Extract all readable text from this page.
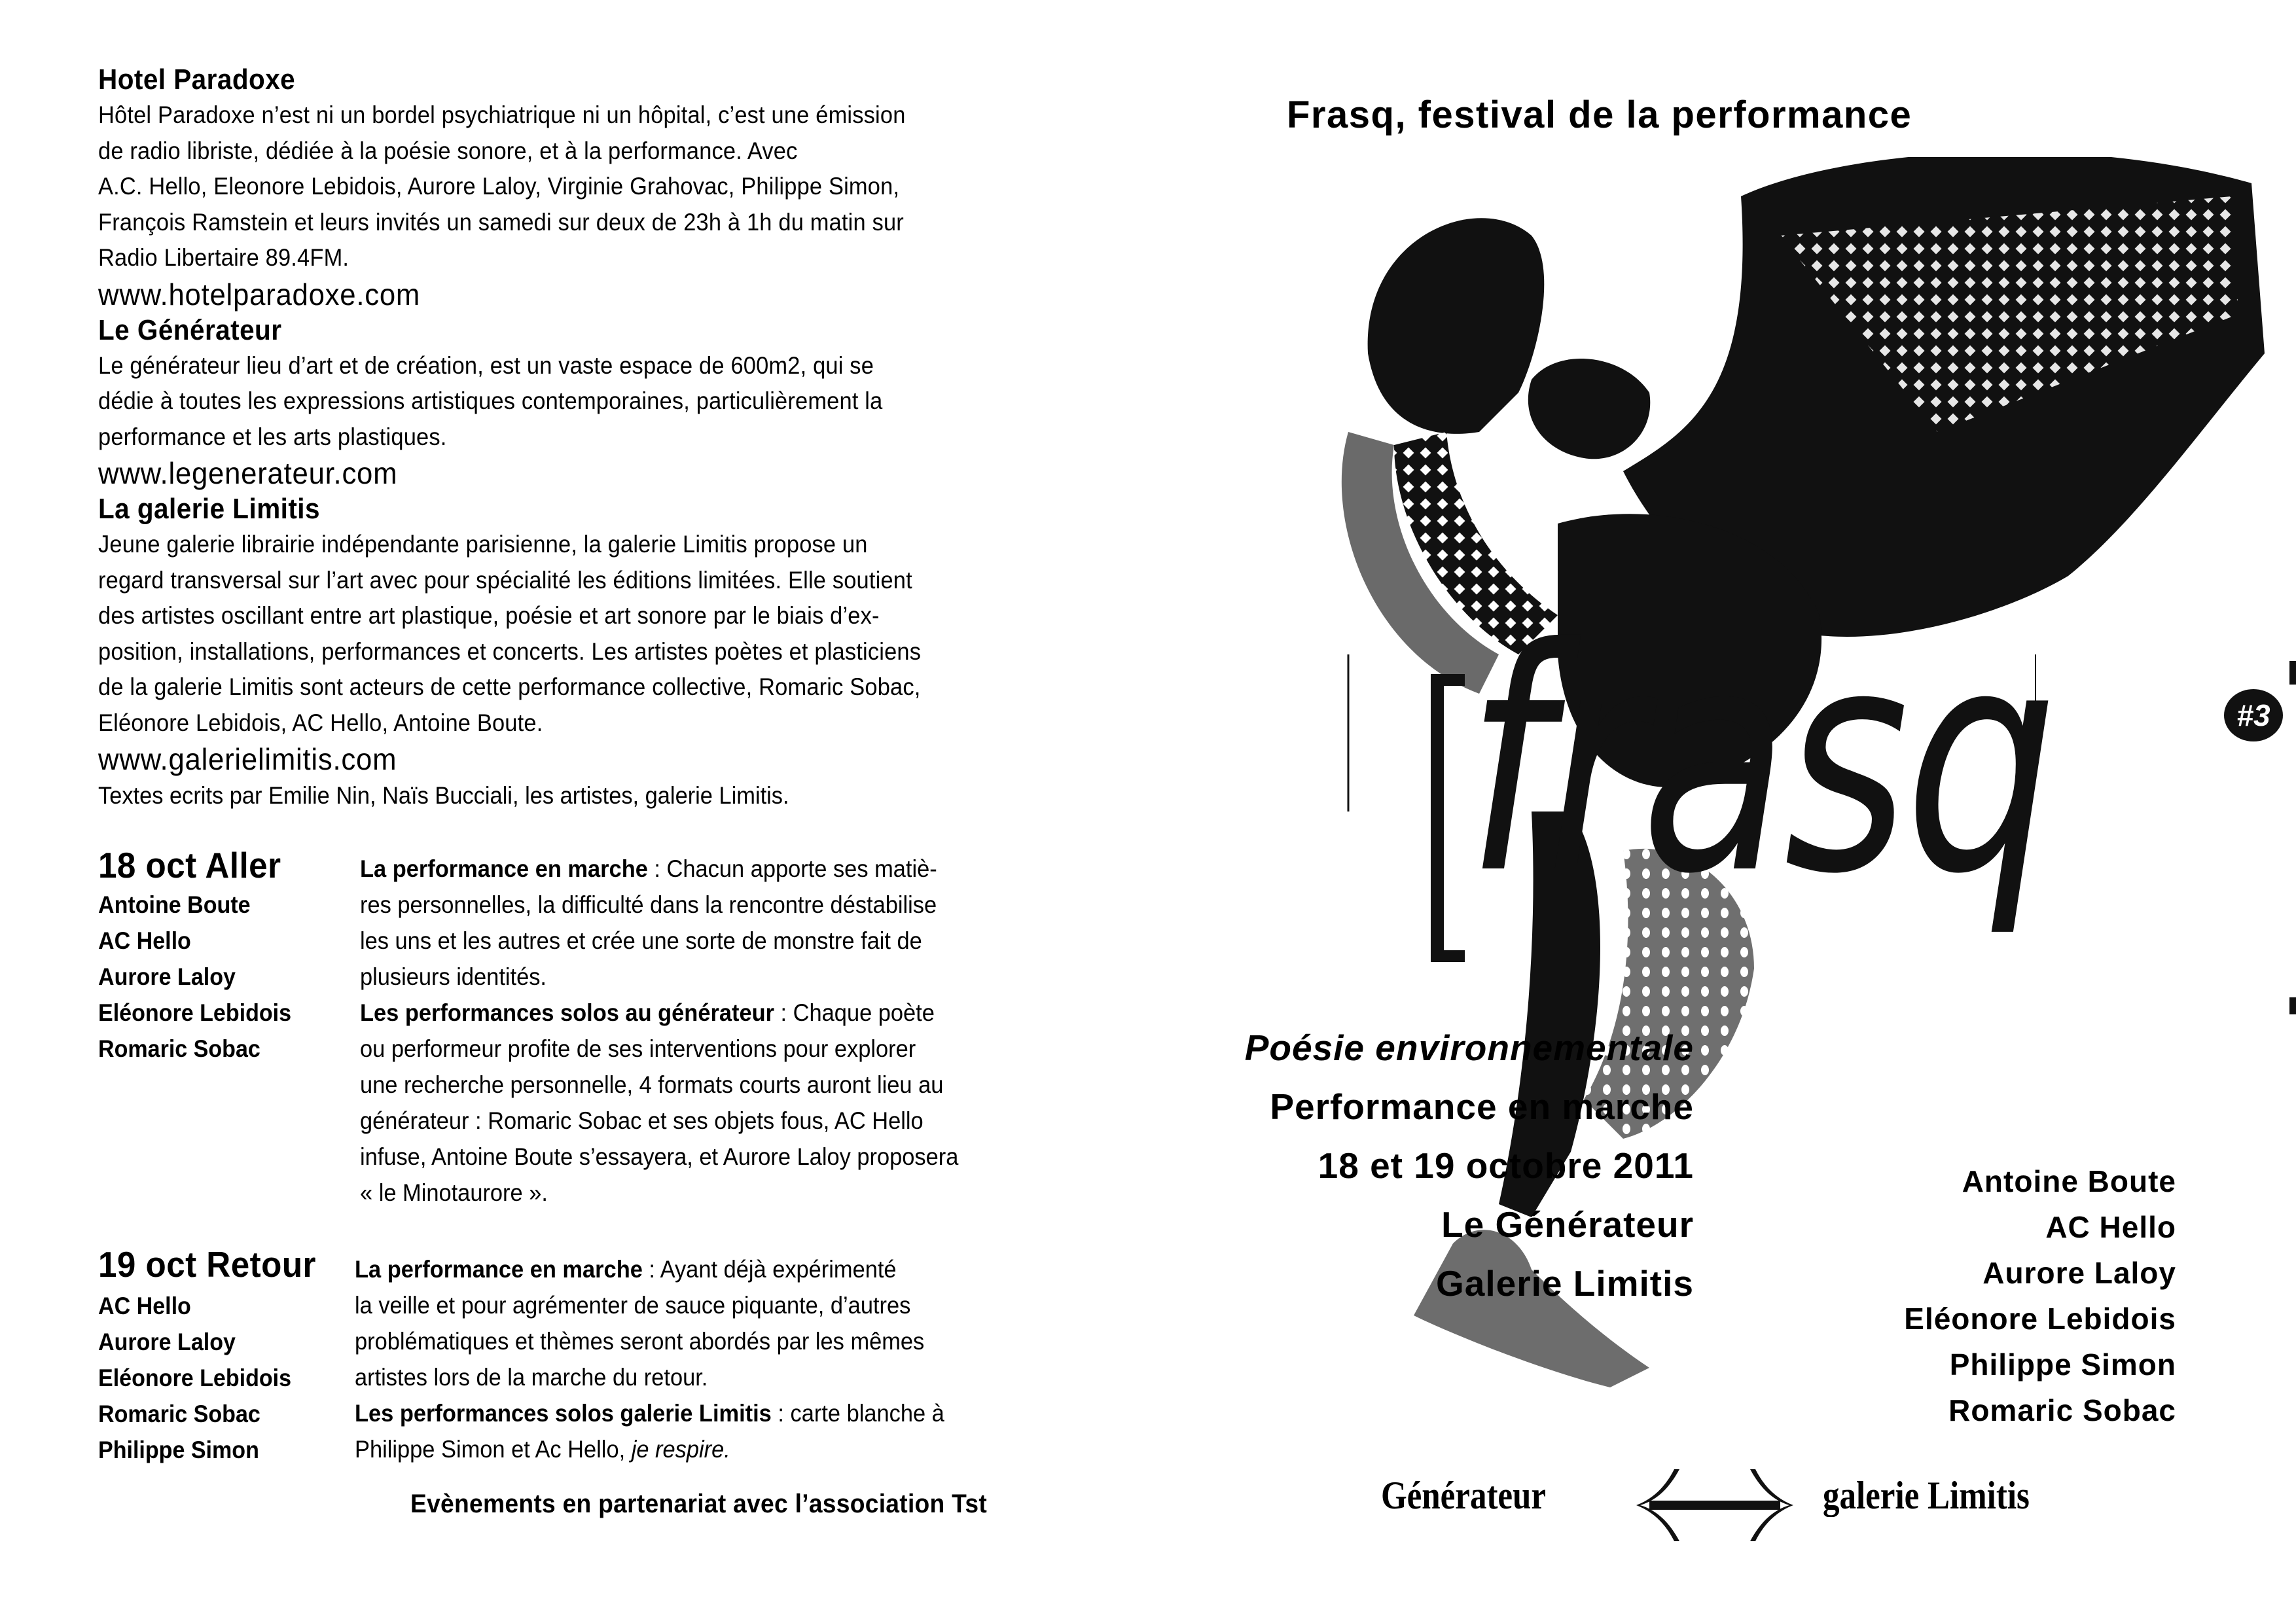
Hotel Paradoxe
Hôtel Paradoxe n’est ni un bordel psychiatrique ni un hôpital, c’est une émission
de radio libriste, dédiée à la poésie sonore, et à la performance. Avec
A.C. Hello, Eleonore Lebidois, Aurore Laloy, Virginie Grahovac, Philippe Simon,
François Ramstein et leurs invités un samedi sur deux de 23h à 1h du matin sur
Radio Libertaire 89.4FM.
www.hotelparadoxe.com
Le Générateur
Le générateur lieu d’art et de création, est un vaste espace de 600m2, qui se
dédie à toutes les expressions artistiques contemporaines, particulièrement la
performance et les arts plastiques.
www.legenerateur.com
La galerie Limitis
Jeune galerie librairie indépendante parisienne, la galerie Limitis propose un
regard transversal sur l’art avec pour spécialité les éditions limitées. Elle soutient
des artistes oscillant entre art plastique, poésie et art sonore par le biais d’ex-
position, installations, performances et concerts. Les artistes poètes et plasticiens
de la galerie Limitis sont acteurs de cette performance collective, Romaric Sobac,
Eléonore Lebidois, AC Hello, Antoine Boute.
www.galerielimitis.com
Textes ecrits par Emilie Nin, Naïs Bucciali, les artistes, galerie Limitis.
18 oct Aller
Antoine Boute
AC Hello
Aurore Laloy
Eléonore Lebidois
Romaric Sobac
La performance en marche : Chacun apporte ses matiè-
res personnelles, la difficulté dans la rencontre déstabilise
les uns et les autres et crée une sorte de monstre fait de
plusieurs identités.
Les performances solos au générateur : Chaque poète
ou performeur profite de ses interventions pour explorer
une recherche personnelle, 4 formats courts auront lieu au
générateur : Romaric Sobac et ses objets fous, AC Hello
infuse, Antoine Boute s’essayera, et Aurore Laloy proposera
« le Minotaurore ».
19 oct Retour
AC Hello
Aurore Laloy
Eléonore Lebidois
Romaric Sobac
Philippe Simon
La performance en marche : Ayant déjà expérimenté
la veille et pour agrémenter de sauce piquante, d’autres
problématiques et thèmes seront abordés par les mêmes
artistes lors de la marche du retour.
Les performances solos galerie Limitis : carte blanche à
Philippe Simon et Ac Hello, je respire.
Evènements en partenariat avec l’association Tst
Frasq, festival de la performance
frasq	#3
Poésie environnementale
Performance en marche
18 et 19 octobre 2011
Le Générateur
Galerie Limitis
Antoine Boute
AC Hello
Aurore Laloy
Eléonore Lebidois
Philippe Simon
Romaric Sobac
Générateur	galerie Limitis
